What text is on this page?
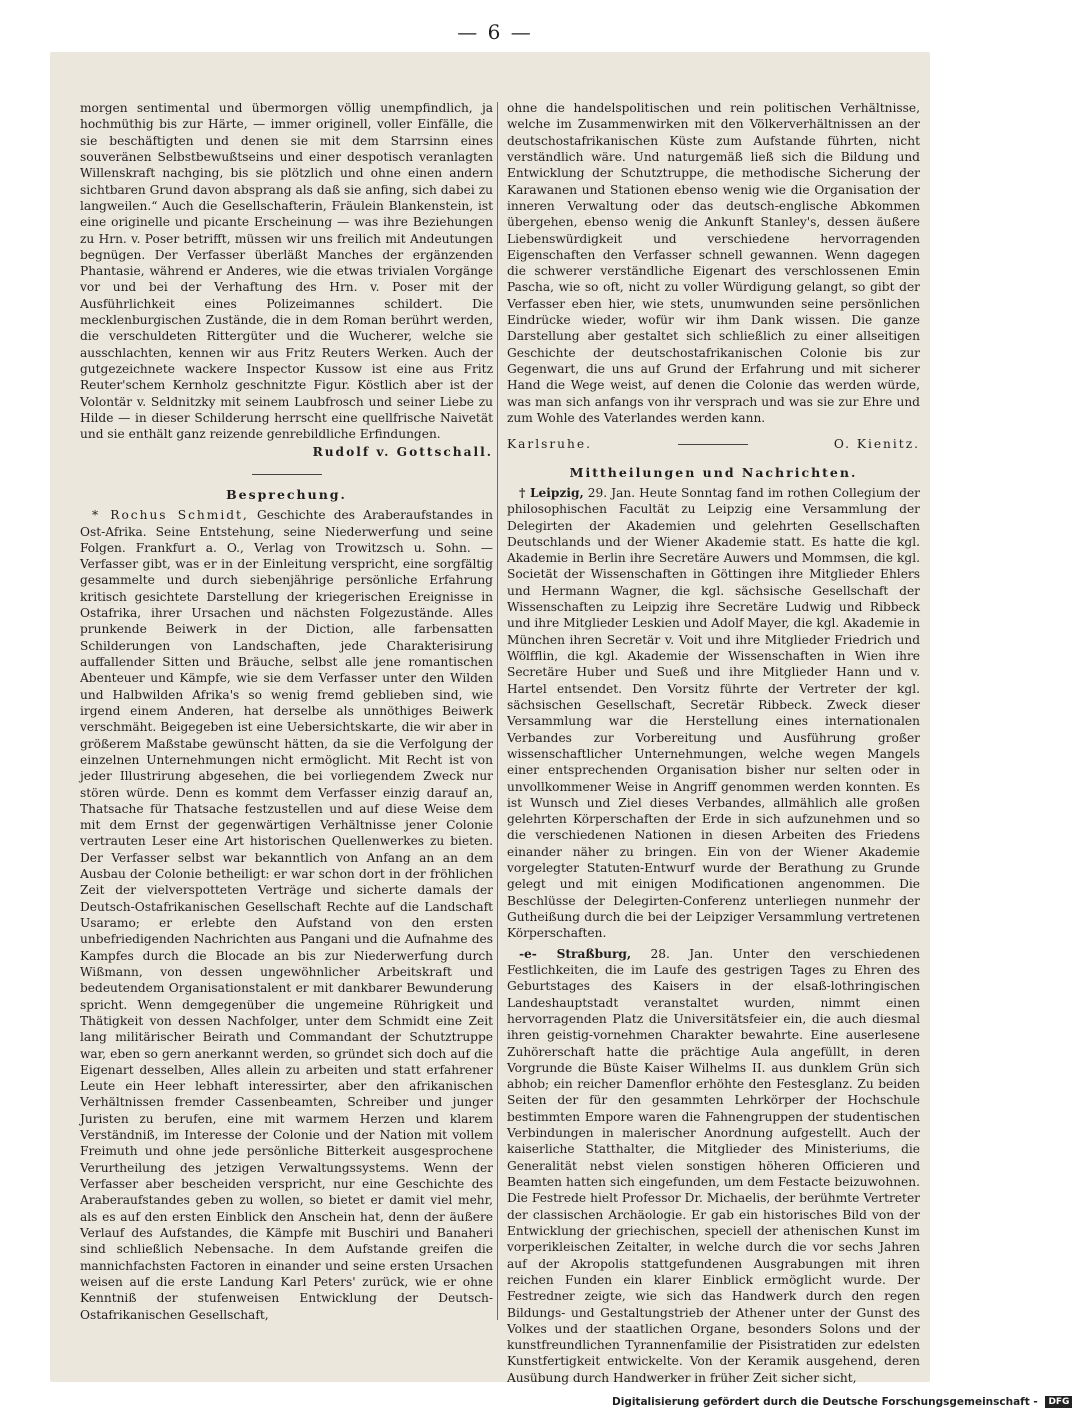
— 6 —

morgen sentimental und übermorgen völlig unempfindlich, ja hochmüthig bis zur Härte, — immer originell, voller Einfälle, die sie beschäftigten und denen sie mit dem Starrsinn eines souveränen Selbstbewußtseins und einer despotisch veranlagten Willenskraft nachging, bis sie plötzlich und ohne einen andern sichtbaren Grund davon absprang als daß sie anfing, sich dabei zu langweilen.“ Auch die Gesellschafterin, Fräulein Blankenstein, ist eine originelle und picante Erscheinung — was ihre Beziehungen zu Hrn. v. Poser betrifft, müssen wir uns freilich mit Andeutungen begnügen. Der Verfasser überläßt Manches der ergänzenden Phantasie, während er Anderes, wie die etwas trivialen Vorgänge vor und bei der Verhaftung des Hrn. v. Poser mit der Ausführlichkeit eines Polizeimannes schildert. Die mecklenburgischen Zustände, die in dem Roman berührt werden, die verschuldeten Rittergüter und die Wucherer, welche sie ausschlachten, kennen wir aus Fritz Reuters Werken. Auch der gutgezeichnete wackere Inspector Kussow ist eine aus Fritz Reuter'schem Kernholz geschnitzte Figur. Köstlich aber ist der Volontär v. Seldnitzky mit seinem Laubfrosch und seiner Liebe zu Hilde — in dieser Schilderung herrscht eine quellfrische Naivetät und sie enthält ganz reizende genrebildliche Erfindungen.

Rudolf v. Gottschall.
Besprechung.

* Rochus Schmidt, Geschichte des Araberaufstandes in Ost-Afrika. Seine Entstehung, seine Niederwerfung und seine Folgen. Frankfurt a. O., Verlag von Trowitzsch u. Sohn. — Verfasser gibt, was er in der Einleitung verspricht, eine sorgfältig gesammelte und durch siebenjährige persönliche Erfahrung kritisch gesichtete Darstellung der kriegerischen Ereignisse in Ostafrika, ihrer Ursachen und nächsten Folgezustände. Alles prunkende Beiwerk in der Diction, alle farbensatten Schilderungen von Landschaften, jede Charakterisirung auffallender Sitten und Bräuche, selbst alle jene romantischen Abenteuer und Kämpfe, wie sie dem Verfasser unter den Wilden und Halbwilden Afrika's so wenig fremd geblieben sind, wie irgend einem Anderen, hat derselbe als unnöthiges Beiwerk verschmäht. Beigegeben ist eine Uebersichtskarte, die wir aber in größerem Maßstabe gewünscht hätten, da sie die Verfolgung der einzelnen Unternehmungen nicht ermöglicht. Mit Recht ist von jeder Illustrirung abgesehen, die bei vorliegendem Zweck nur stören würde. Denn es kommt dem Verfasser einzig darauf an, Thatsache für Thatsache festzustellen und auf diese Weise dem mit dem Ernst der gegenwärtigen Verhältnisse jener Colonie vertrauten Leser eine Art historischen Quellenwerkes zu bieten. Der Verfasser selbst war bekanntlich von Anfang an an dem Ausbau der Colonie betheiligt: er war schon dort in der fröhlichen Zeit der vielverspotteten Verträge und sicherte damals der Deutsch-Ostafrikanischen Gesellschaft Rechte auf die Landschaft Usaramo; er erlebte den Aufstand von den ersten unbefriedigenden Nachrichten aus Pangani und die Aufnahme des Kampfes durch die Blocade an bis zur Niederwerfung durch Wißmann, von dessen ungewöhnlicher Arbeitskraft und bedeutendem Organisationstalent er mit dankbarer Bewunderung spricht. Wenn demgegenüber die ungemeine Rührigkeit und Thätigkeit von dessen Nachfolger, unter dem Schmidt eine Zeit lang militärischer Beirath und Commandant der Schutztruppe war, eben so gern anerkannt werden, so gründet sich doch auf die Eigenart desselben, Alles allein zu arbeiten und statt erfahrener Leute ein Heer lebhaft interessirter, aber den afrikanischen Verhältnissen fremder Cassenbeamten, Schreiber und junger Juristen zu berufen, eine mit warmem Herzen und klarem Verständniß, im Interesse der Colonie und der Nation mit vollem Freimuth und ohne jede persönliche Bitterkeit ausgesprochene Verurtheilung des jetzigen Verwaltungssystems. Wenn der Verfasser aber bescheiden verspricht, nur eine Geschichte des Araberaufstandes geben zu wollen, so bietet er damit viel mehr, als es auf den ersten Einblick den Anschein hat, denn der äußere Verlauf des Aufstandes, die Kämpfe mit Buschiri und Banaheri sind schließlich Nebensache. In dem Aufstande greifen die mannichfachsten Factoren in einander und seine ersten Ursachen weisen auf die erste Landung Karl Peters' zurück, wie er ohne Kenntniß der stufenweisen Entwicklung der Deutsch-Ostafrikanischen Gesellschaft,

ohne die handelspolitischen und rein politischen Verhältnisse, welche im Zusammenwirken mit den Völkerverhältnissen an der deutschostafrikanischen Küste zum Aufstande führten, nicht verständlich wäre. Und naturgemäß ließ sich die Bildung und Entwicklung der Schutztruppe, die methodische Sicherung der Karawanen und Stationen ebenso wenig wie die Organisation der inneren Verwaltung oder das deutsch-englische Abkommen übergehen, ebenso wenig die Ankunft Stanley's, dessen äußere Liebenswürdigkeit und verschiedene hervorragenden Eigenschaften den Verfasser schnell gewannen. Wenn dagegen die schwerer verständliche Eigenart des verschlossenen Emin Pascha, wie so oft, nicht zu voller Würdigung gelangt, so gibt der Verfasser eben hier, wie stets, unumwunden seine persönlichen Eindrücke wieder, wofür wir ihm Dank wissen. Die ganze Darstellung aber gestaltet sich schließlich zu einer allseitigen Geschichte der deutschostafrikanischen Colonie bis zur Gegenwart, die uns auf Grund der Erfahrung und mit sicherer Hand die Wege weist, auf denen die Colonie das werden würde, was man sich anfangs von ihr versprach und was sie zur Ehre und zum Wohle des Vaterlandes werden kann.

Karlsruhe.	O. Kienitz.
Mittheilungen und Nachrichten.

† Leipzig, 29. Jan. Heute Sonntag fand im rothen Collegium der philosophischen Facultät zu Leipzig eine Versammlung der Delegirten der Akademien und gelehrten Gesellschaften Deutschlands und der Wiener Akademie statt. Es hatte die kgl. Akademie in Berlin ihre Secretäre Auwers und Mommsen, die kgl. Societät der Wissenschaften in Göttingen ihre Mitglieder Ehlers und Hermann Wagner, die kgl. sächsische Gesellschaft der Wissenschaften zu Leipzig ihre Secretäre Ludwig und Ribbeck und ihre Mitglieder Leskien und Adolf Mayer, die kgl. Akademie in München ihren Secretär v. Voit und ihre Mitglieder Friedrich und Wölfflin, die kgl. Akademie der Wissenschaften in Wien ihre Secretäre Huber und Sueß und ihre Mitglieder Hann und v. Hartel entsendet. Den Vorsitz führte der Vertreter der kgl. sächsischen Gesellschaft, Secretär Ribbeck. Zweck dieser Versammlung war die Herstellung eines internationalen Verbandes zur Vorbereitung und Ausführung großer wissenschaftlicher Unternehmungen, welche wegen Mangels einer entsprechenden Organisation bisher nur selten oder in unvollkommener Weise in Angriff genommen werden konnten. Es ist Wunsch und Ziel dieses Verbandes, allmählich alle großen gelehrten Körperschaften der Erde in sich aufzunehmen und so die verschiedenen Nationen in diesen Arbeiten des Friedens einander näher zu bringen. Ein von der Wiener Akademie vorgelegter Statuten-Entwurf wurde der Berathung zu Grunde gelegt und mit einigen Modificationen angenommen. Die Beschlüsse der Delegirten-Conferenz unterliegen nunmehr der Gutheißung durch die bei der Leipziger Versammlung vertretenen Körperschaften.

-e- Straßburg, 28. Jan. Unter den verschiedenen Festlichkeiten, die im Laufe des gestrigen Tages zu Ehren des Geburtstages des Kaisers in der elsaß-lothringischen Landeshauptstadt veranstaltet wurden, nimmt einen hervorragenden Platz die Universitätsfeier ein, die auch diesmal ihren geistig-vornehmen Charakter bewahrte. Eine auserlesene Zuhörerschaft hatte die prächtige Aula angefüllt, in deren Vorgrunde die Büste Kaiser Wilhelms II. aus dunklem Grün sich abhob; ein reicher Damenflor erhöhte den Festesglanz. Zu beiden Seiten der für den gesammten Lehrkörper der Hochschule bestimmten Empore waren die Fahnengruppen der studentischen Verbindungen in malerischer Anordnung aufgestellt. Auch der kaiserliche Statthalter, die Mitglieder des Ministeriums, die Generalität nebst vielen sonstigen höheren Officieren und Beamten hatten sich eingefunden, um dem Festacte beizuwohnen. Die Festrede hielt Professor Dr. Michaelis, der berühmte Vertreter der classischen Archäologie. Er gab ein historisches Bild von der Entwicklung der griechischen, speciell der athenischen Kunst im vorperikleischen Zeitalter, in welche durch die vor sechs Jahren auf der Akropolis stattgefundenen Ausgrabungen mit ihren reichen Funden ein klarer Einblick ermöglicht wurde. Der Festredner zeigte, wie sich das Handwerk durch den regen Bildungs- und Gestaltungstrieb der Athener unter der Gunst des Volkes und der staatlichen Organe, besonders Solons und der kunstfreundlichen Tyrannenfamilie der Pisistratiden zur edelsten Kunstfertigkeit entwickelte. Von der Keramik ausgehend, deren Ausübung durch Handwerker in früher Zeit sicher sicht,

Digitalisierung gefördert durch die Deutsche Forschungsgemeinschaft - DFG
